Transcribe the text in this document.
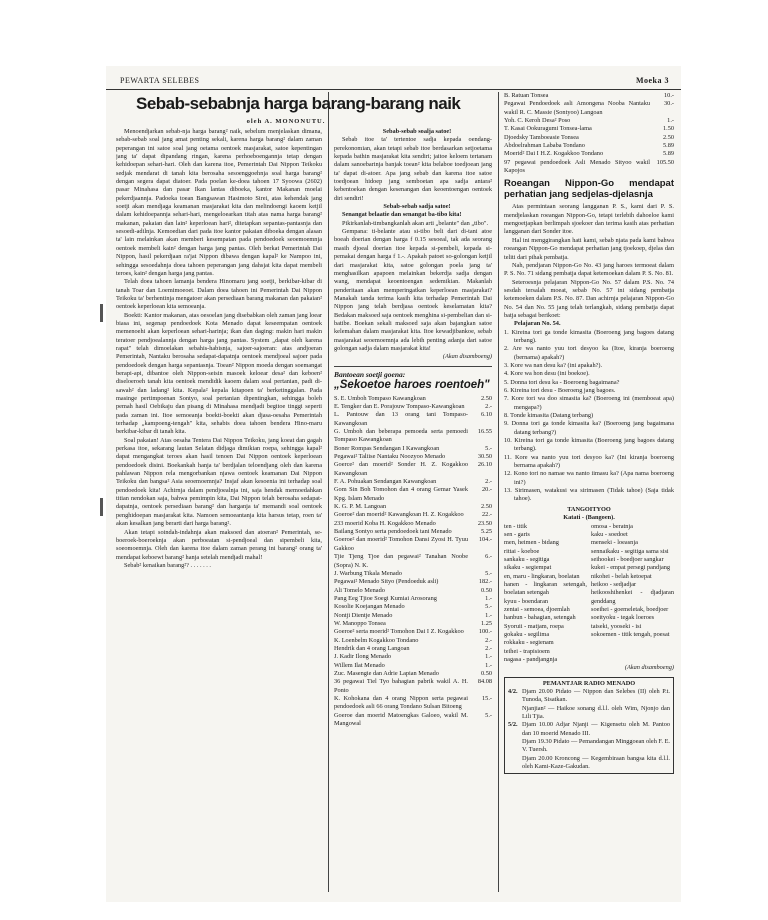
PEWARTA SELEBES	Moeka 3
Sebab-sebabnja harga barang-barang naik
oleh A. MONONUTU.

Menoendjarkan sebab-nja harga barang² naik, sebelum menjelaskan dimana, sebab-sebab soal jang amat penting sekali, karena harga barang² dalam zaman peperangan ini satoe soal jang oetama oentoek masjarakat, satoe kepentingan jang ta' dapat dipandang ringan, karena perhoeboengannja tetap dengan kehidoepan sehari-hari. Oleh dan karena itoe, Pemerintah Dai Nippon Teikoku sedjak mendarat di tanah kita berosaha sesoenggoehnja soal harga barang² dengan segera dapat diatoer. Pada poelan ke-doea tahoen 17 Syoowa (2602) pasar Minahasa dan pasar Ikan lantas diboeka, kantor Makanan moelai pekerdjaannja. Padoeka toean Bangsawan Hasimoto Sirei, atas kehendak jang soetji akan mendjaga keamanan masjarakat kita dan melindoengi kaoem ketjil dalam kehidoepannja sehari-hari, mengeloearkan titah atas nama harga barang² makanan, pakaian dan lain² keperloean hari², ditetapkan sepantas-pantasnja dan sesoedi-adilnja. Kemoedian dari pada itoe kantor pakaian diboeka dengan alasan ta' lain melainkan akan memberi kesempatan pada pendoedoek seoemoemnja oentoek membeli kain² dengan harga jang pantas. Oleh berkat Pemerintah Dai Nippon, hasil pekerdjaan ra'jat Nippon dibawa dengan kapal² ke Nampoo ini, sehingga sesoedahnja doea tahoen peperangan jang dahsjat kita dapat membeli teroes, kain² dengan harga jang pantas.

Telah doea tahoen lamanja bendera Hinomaru jang soetji, berkibar-kibar di tanah Toar dan Loemimoeoet. Dalam doea tahoen ini Pemerintah Dai Nippon Teikoku ta' berhentinja mengatoer akan persediaan barang makanan dan pakaian² oentoek keperloean kita semoeanja.

Boekti: Kantor makanan, atas oesoelan jang disebabkan oleh zaman jang loear biasa ini, segenap pendoedoek Kota Menado dapat keseempatan oentoek memenoehi akan keperloean sehari-harinja; ikan dan daging: makin hari makin teratoer pendjoealannja dengan harga jang pantas. System „dapat oleh karena rapat" telah dimoelakan sebahis-habisnja, sajoer-sajoeran: atas andjoeran Pemerintah, Nantaku berosaha sedapat-dapatnja oentoek mendjoeal sajoer pada pendoedoek dengan harga sepantasnja. Toean² Nippon moeda dengan soemangat berapi-api, dibantoe oleh Nippon-seisin masoek keloear desa² dan keboen² diseloeroeh tanah kita oentoek mendidik kaoem dalam soal pertanian, padi di-sawah² dan ladang² kita. Kepala² kepala kitapoen ta' berketinggalan. Pada masinge pertimpoenan Sontyo, soal pertanian dipentingkan, sehingga boleh pemah hasil Oebikaju dan pisang di Minahasa mendjadi begitoe tinggi seperti pada zaman ini. Itoe semoeanja boekti-boekti akan djasa-oesaha Pemerintah terhadap „kampoeng-tengah" kita, sehabis doea tahoen bendera Hino-maru berkibar-kibar di tanah kita.

Soal pakaian! Atas oesaha Tentera Dai Nippon Teikoku, jang koeat dan gagah perkasa itoe, sekarang lautan Selatan didjaga dimikian roepa, sehingga kapal² dapat mengangkat teroes akan hasil tenoen Dai Nippon oentoek keperloean pendoedoek disini. Boekankah hanja ta' berdjalan teloendjang oleh dan karena pahlawan Nippon rela mengorbankan njawa oentoek keamanan Dai Nippon Teikoku dan bangsa² Asia seoemoemnja? Insjaf akan kesoenia ini terhadap soal pendoedoek kita! Achirnja dalam pendjoealnja ini, saja hendak memoedahkan titian nendokan saja, bahwa pemimpin kita, Dai Nippon telah berosaha sedapat-dapatnja, oentoek persediaan barang² dan harganja ta' memandi soal oentoek penghidoepan masjarakat kita. Namoen semoeantanja kita harsus tetap, roen ta' akan kesalkan jang berarti dari harga barang².

Akan tetapi soindah-indahnja akan maksoed dan atoeran² Pemerintah, se-boeroek-boeroeknja akan perboeatan si-pendjoeal dan sipembeli kita, soeomoemnja. Oleh dan karena itoe dalam zaman perang ini barang² orang ta' mendapat keboewt barang² hanja setelah mendjadi mahal!

Sebab² kenaikan barang²? . . . . . . .

Sebab-sebab soalja satoe!

Sebab itoe ta' tertentoe sadja kepada oendang-perekonomian, akan tetapi sebab itoe berdasarkan setjoetama kepada bathin masjarakat kita sendiri; jaitoe keloem tertanam dalam sanoebarinja banjak toean² kita belaboe toedjoean jang ta' dapat di-atoer. Apa jang sebab dan karena itoe satoe toedjoean hidoep jang semboetan apa sadja antara² kebentoekan dengan kesenangan dan keoentoengan oentoek diri sendiri!

Sebab-sebab sadja satoe!

Senangat belaatie dan senangat ba-tibo kita!

Pikirkanlah-timbangkanlah akan arti „belante" dan „tibo".

Gempana: ti-belante atau si-tibo beli dari di-tani atoe boeah doerian dengan harga f 0.15 sesoeal, tak ada seorang masih djoeal doerian itoe kepada si-pembeli, kepada si-pemakai dengan harga f 1.-. Apakah patoet so-golongan ketjil dari masjarakat kita, satoe golongan poela jang ta' menghasilkan apapoen melainkan bekerdja sadja dengan wang, mendapat keoentoengan sedemikian. Makanlah penderitaan akan memperingatkan keperloean masjarakat? Manakah tanda terima kasih kita terhadap Pemerintah Dai Nippon jang telah berdjasa oentoek keselamatan kita? Bedakan maksoed saja oentoek menghina si-pembelian dan si-batibe. Boekan sekali maksoed saja akan bajangkan satoe kelemahan dalam masjarakat kita. Itoe kewadjibankoe, sebab masjarakat seoemoemnja ada lebih penting adanja dari satoe golongan sadja dalam masjarakat kita!

(Akan disamboeng)
Bantoean soetji goena:
„Sekoetoe haroes roentoeh"
S. E. Umboh Tompaso Kawangkoan	2.50
E. Tengker dan E. Porajouw Tompaso-Kawangkoan	2.-
L. Pantouw dan 13 orang tani Tompaso-Kawangkoan
6.10
G. Umboh dan beberapa pemoeda serta pemoedi Tompaso Kawangkoan
16.55
Boner Rompas Sendangan I Kawangkoan	5.-
Pegawai² Taliise Nantaku Noozyoo Menado	30.50
Goerce² dan moerid² Sonder H. Z. Kogakkoo Kawangkoan
26.10
F. A. Pohuakan Sendangan Kawangkoan	2.-
Gom Sin Boh Tomohon dan 4 orang Gemar Yasek Kpg. Islam Menado
20.-
K. G. P. M. Langoan	2.50
Goeroe² dan moerid² Kawangkoan H. Z. Kogakkoo	22.-
233 moerid Koba H. Kogakkoo Menado	23.50
Bailang Sontyo serta pendoedoek tani Menado	5.25
Goeroe² dan moerid² Tomohon Dansi Zyosi H. Tyuu Gakkoo
104.-
Tjie Tjeng Tjoe dan pegawai² Tanahan Noobe (Sopra) N. K.
6.-
J. Warbung Tikala Menado	5.-
Pegawai² Menado Sityo (Pendoeduk asli)	182.-
Ali Tomelo Menado	0.50
Pang Eeg Tjioe Soegi Kumiai Arosorang	1.-
Kosolie Koejangan Menado	5.-
Nontji Dientje Menado	1.-
W. Manoppo Tonsea	1.25
Goeroe² serta moerid² Tomohon Dai I Z. Kogakkoo	100.-
K. Loenbelm Kogakkoo Tondano	2.-
Hendrik dan 4 orang Langoan	2.-
J. Kadir Ilong Menado	1.-
Willem Ilat Menado	1.-
Zuc. Masengie dan Adrie Lapian Menado	0.50
36 pegawai Tiel Tyo bahagian pabrik wakil A. H. Ponto
84.08
K. Kohokana dan 4 orang Nippon serta pegawai pendoedoek asli 66 orang Tondano Sulsan Bitoeng
15.-
Goeroe dan moerid Matoengkas Galoeo, wakil M. Mangowal
5.-
B. Ratuan Tonsea	10.-
Pegawai Pendoedoek asli Amongena Nooba Nantaku wakil R. C. Massie (Sontyoo) Langoan
30.-
Yoh. C. Keroh Desa² Poso	1.-
T. Kasai Ookuragumi Tonsea-lama	1.50
Djoedsky Tamboeasie Tonsea	2.50
Abdoelrahman Lababa Tondano	5.89
Moerid² Dai I H.Z. Kogakkoo Tondano	5.89
97 pegawai pendoedoek Asli Menado Sityoo wakil Kapojos
105.50
Roeangan Nippon-Go mendapat perhatian jang sedjelas-djelasnja

Atas permintaan seorang langganan P. S., kami dari P. S. mendjelaskan roeangan Nippon-Go, tetapi terlebih dahoeloe kami mengoetjapkan berlimpah sjoekoer dan terima kasih atas perhatian langganan dari Sonder itoe.

Hal ini menggirangkan hati kami, sebab njata pada kami bahwa roeangan Nippon-Go mendapat perhatian jang tjoekoep, djelas dan teliti dari pihak pembatja.

Nah, pendjaran Nippon-Go No. 43 jang haroes termoeat dalam P. S. No. 71 sidang pembatja dapat ketemoekan dalam P. S. No. 81.

Seteroesnja pelajaran Nippon-Go No. 57 dalam P.S. No. 74 sesdah tersalah moeat, sebab No. 57 ini sidang pembatja ketemoeken dalam P.S. No. 87. Dan achirnja pelajaran Nippon-Go No. 54 dan No. 55 jang telah terlangkah, sidang pembatja dapat batja sebagai berikoet:

Pelajaran No. 54.
1. Kireina tori ga tonde kimasita (Boeroeng jang bagoes datang terbang).
2. Are wa nanto yuu tori desyoo ka (Itoe, kiranja boeroeng (bernama) apakah?)
3. Kore wa nan desu ka? (ini apakah?).
4. Kore wa hon desu (ini boekoe).
5. Donna tori desu ka - Boeroeng bagaimana?
6. Kireina tori desu - Boeroeng jang bagoes.
7. Kore tori wa doo simasita ka? (Boeroeng ini (memboeat apa) mengapa?)
8. Tonde kimasita (Datang terbang)
9. Donna tori ga tonde kimasita ka? (Boeroeng jang bagaimana datang terbang?)
10. Kireina tori ga tonde kimasita (Boeroeng jang bagoes datang terbang).
11. Kore wa nanto yuu tori desyoo ka? (Ini kiranja boeroeng bernama apakah?)
12. Kono tori no namae wa nanto iimasu ka? (Apa nama boeroeng ini?)
13. Sirimasen, watakusi wa sirimasen (Tidak tahoe) (Saja tidak tahoe).
TANGOITYOO
Katati - (Bangoen).
ten - titik
sen - garis
men, heimen - bidang
rittai - koeboe
sankaku - segitiga
sikaku - segiempat
en, maru - lingkaran, boelatan
hanen - lingkaran setengah, boelatan setengah
kyuu - boendaran
zentai - semoea, djoemlah
hanbun - bahagian, setengah
Syoruii - matjam, roepa
gokaku - segilima
rokkaku - segienam
teihei - trapisioem
nagasa - pandjangnja
omosa - beratnja
kaku - soedoet
menseki - loeasnja
sennaikaku - segitiga sama sisi
seihookei - boedjoer sangkar
kukei - empat persegi pandjang
nikohei - belah ketoepat
heikoo - sedjadjar
heikooshihenkei - djadjaran genddang
soeihei - goemeletak, boedjoer
soeityoku - tegak loeroes
taiseki, yooseki - isi
sokoemen - titik tengah, poesat
(Akan disamboeng)
PEMANTJAR RADIO MENADO
4/2. Djam 20.00 Pidato — Nippon dan Selebes (II) oleh P.t. Tunoda, Sisatkan.
Njanjian² — Haikoe sonang d.l.l. oleh Wim, Njonjo dan Lili Tjia.
5/2. Djam 10.00 Adjar Njanji — Kigensetu oleh M. Pantoo dan 10 moerid Menado III.
Djam 19.30 Pidato — Pemandangan Minggoean oleh F. E. V. Tuersh.
Djam 20.00 Kroncong — Kegembiraan bangsa kita d.l.l. oleh Kami-Kaze-Gakudan.
